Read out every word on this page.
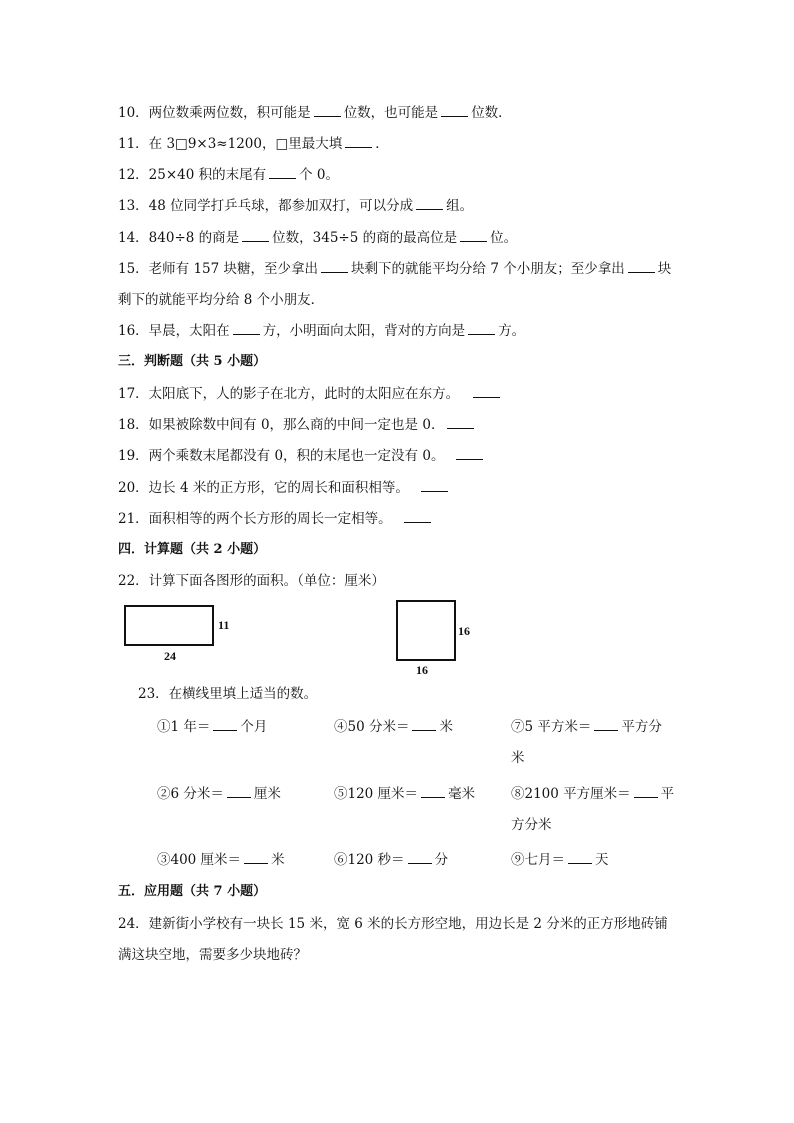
10．两位数乘两位数，积可能是 位数，也可能是 位数．
11．在 3□9×3≈1200，□里最大填 ．
12．25×40 积的末尾有 个 0。
13．48 位同学打乒乓球，都参加双打，可以分成 组。
14．840÷8 的商是 位数，345÷5 的商的最高位是 位。
15．老师有 157 块糖，至少拿出 块剩下的就能平均分给 7 个小朋友；至少拿出 块
剩下的就能平均分给 8 个小朋友．
16．早晨，太阳在 方，小明面向太阳，背对的方向是 方。
三．判断题（共 5 小题）
17．太阳底下，人的影子在北方，此时的太阳应在东方。
18．如果被除数中间有 0，那么商的中间一定也是 0．
19．两个乘数末尾都没有 0，积的末尾也一定没有 0。
20．边长 4 米的正方形，它的周长和面积相等。
21．面积相等的两个长方形的周长一定相等。
四．计算题（共 2 小题）
22．计算下面各图形的面积。（单位：厘米）
11
24
16
16
23．在横线里填上适当的数。
①1 年＝ 个月	④50 分米＝ 米	⑦5 平方米＝ 平方分
米
②6 分米＝ 厘米	⑤120 厘米＝ 毫米	⑧2100 平方厘米＝ 平
方分米
③400 厘米＝ 米	⑥120 秒＝ 分	⑨七月＝ 天
五．应用题（共 7 小题）
24．建新街小学校有一块长 15 米，宽 6 米的长方形空地，用边长是 2 分米的正方形地砖铺
满这块空地，需要多少块地砖？
